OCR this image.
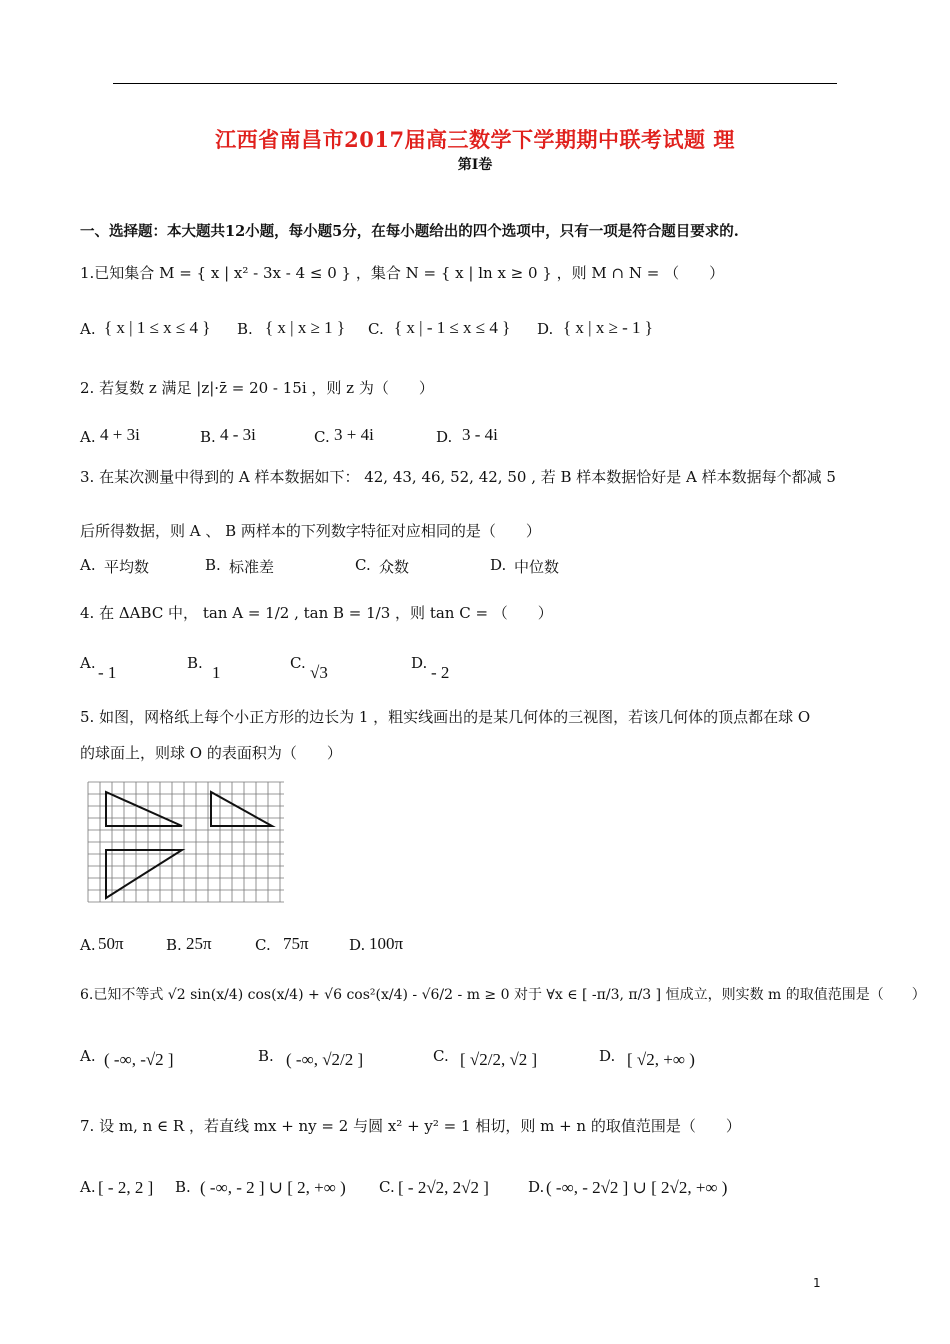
江西省南昌市2017届高三数学下学期期中联考试题 理
第Ⅰ卷
一、选择题：本大题共12小题，每小题5分，在每小题给出的四个选项中，只有一项是符合题目要求的.
1.已知集合 M = { x | x² - 3x - 4 ≤ 0 } ，集合 N = { x | ln x ≥ 0 } ，则 M ∩ N = （　　）
A. { x | 1 ≤ x ≤ 4 } B. { x | x ≥ 1 } C. { x | - 1 ≤ x ≤ 4 } D. { x | x ≥ - 1 }
2. 若复数 z 满足 |z|·z̄ = 20 - 15i ，则 z 为（　　）
A. 4 + 3i	B. 4 - 3i	C. 3 + 4i	D. 3 - 4i
3. 在某次测量中得到的 A 样本数据如下： 42, 43, 46, 52, 42, 50 , 若 B 样本数据恰好是 A 样本数据每个都减 5
后所得数据，则 A 、 B 两样本的下列数字特征对应相同的是（　　）
A. 平均数	B. 标准差	C. 众数	D. 中位数
4. 在 ΔABC 中， tan A = 1/2 , tan B = 1/3 ，则 tan C = （　　）
A. - 1	B. 1	C. √3	D. - 2
5. 如图，网格纸上每个小正方形的边长为 1 ，粗实线画出的是某几何体的三视图，若该几何体的顶点都在球 O
的球面上，则球 O 的表面积为（　　）
A. 50π	B. 25π	C. 75π	D. 100π
6.已知不等式 √2 sin(x/4) cos(x/4) + √6 cos²(x/4) - √6/2 - m ≥ 0 对于 ∀x ∈ [ -π/3, π/3 ] 恒成立，则实数 m 的取值范围是（　　）
A. ( -∞, -√2 ]	B. ( -∞, √2/2 ]	C. [ √2/2, √2 ]	D. [ √2, +∞ )
7. 设 m, n ∈ R ，若直线 mx + ny = 2 与圆 x² + y² = 1 相切，则 m + n 的取值范围是（　　）
A. [ - 2, 2 ] B. ( -∞, - 2 ] ∪ [ 2, +∞ ) C. [ - 2√2, 2√2 ]	D. ( -∞, - 2√2 ] ∪ [ 2√2, +∞ )
1
